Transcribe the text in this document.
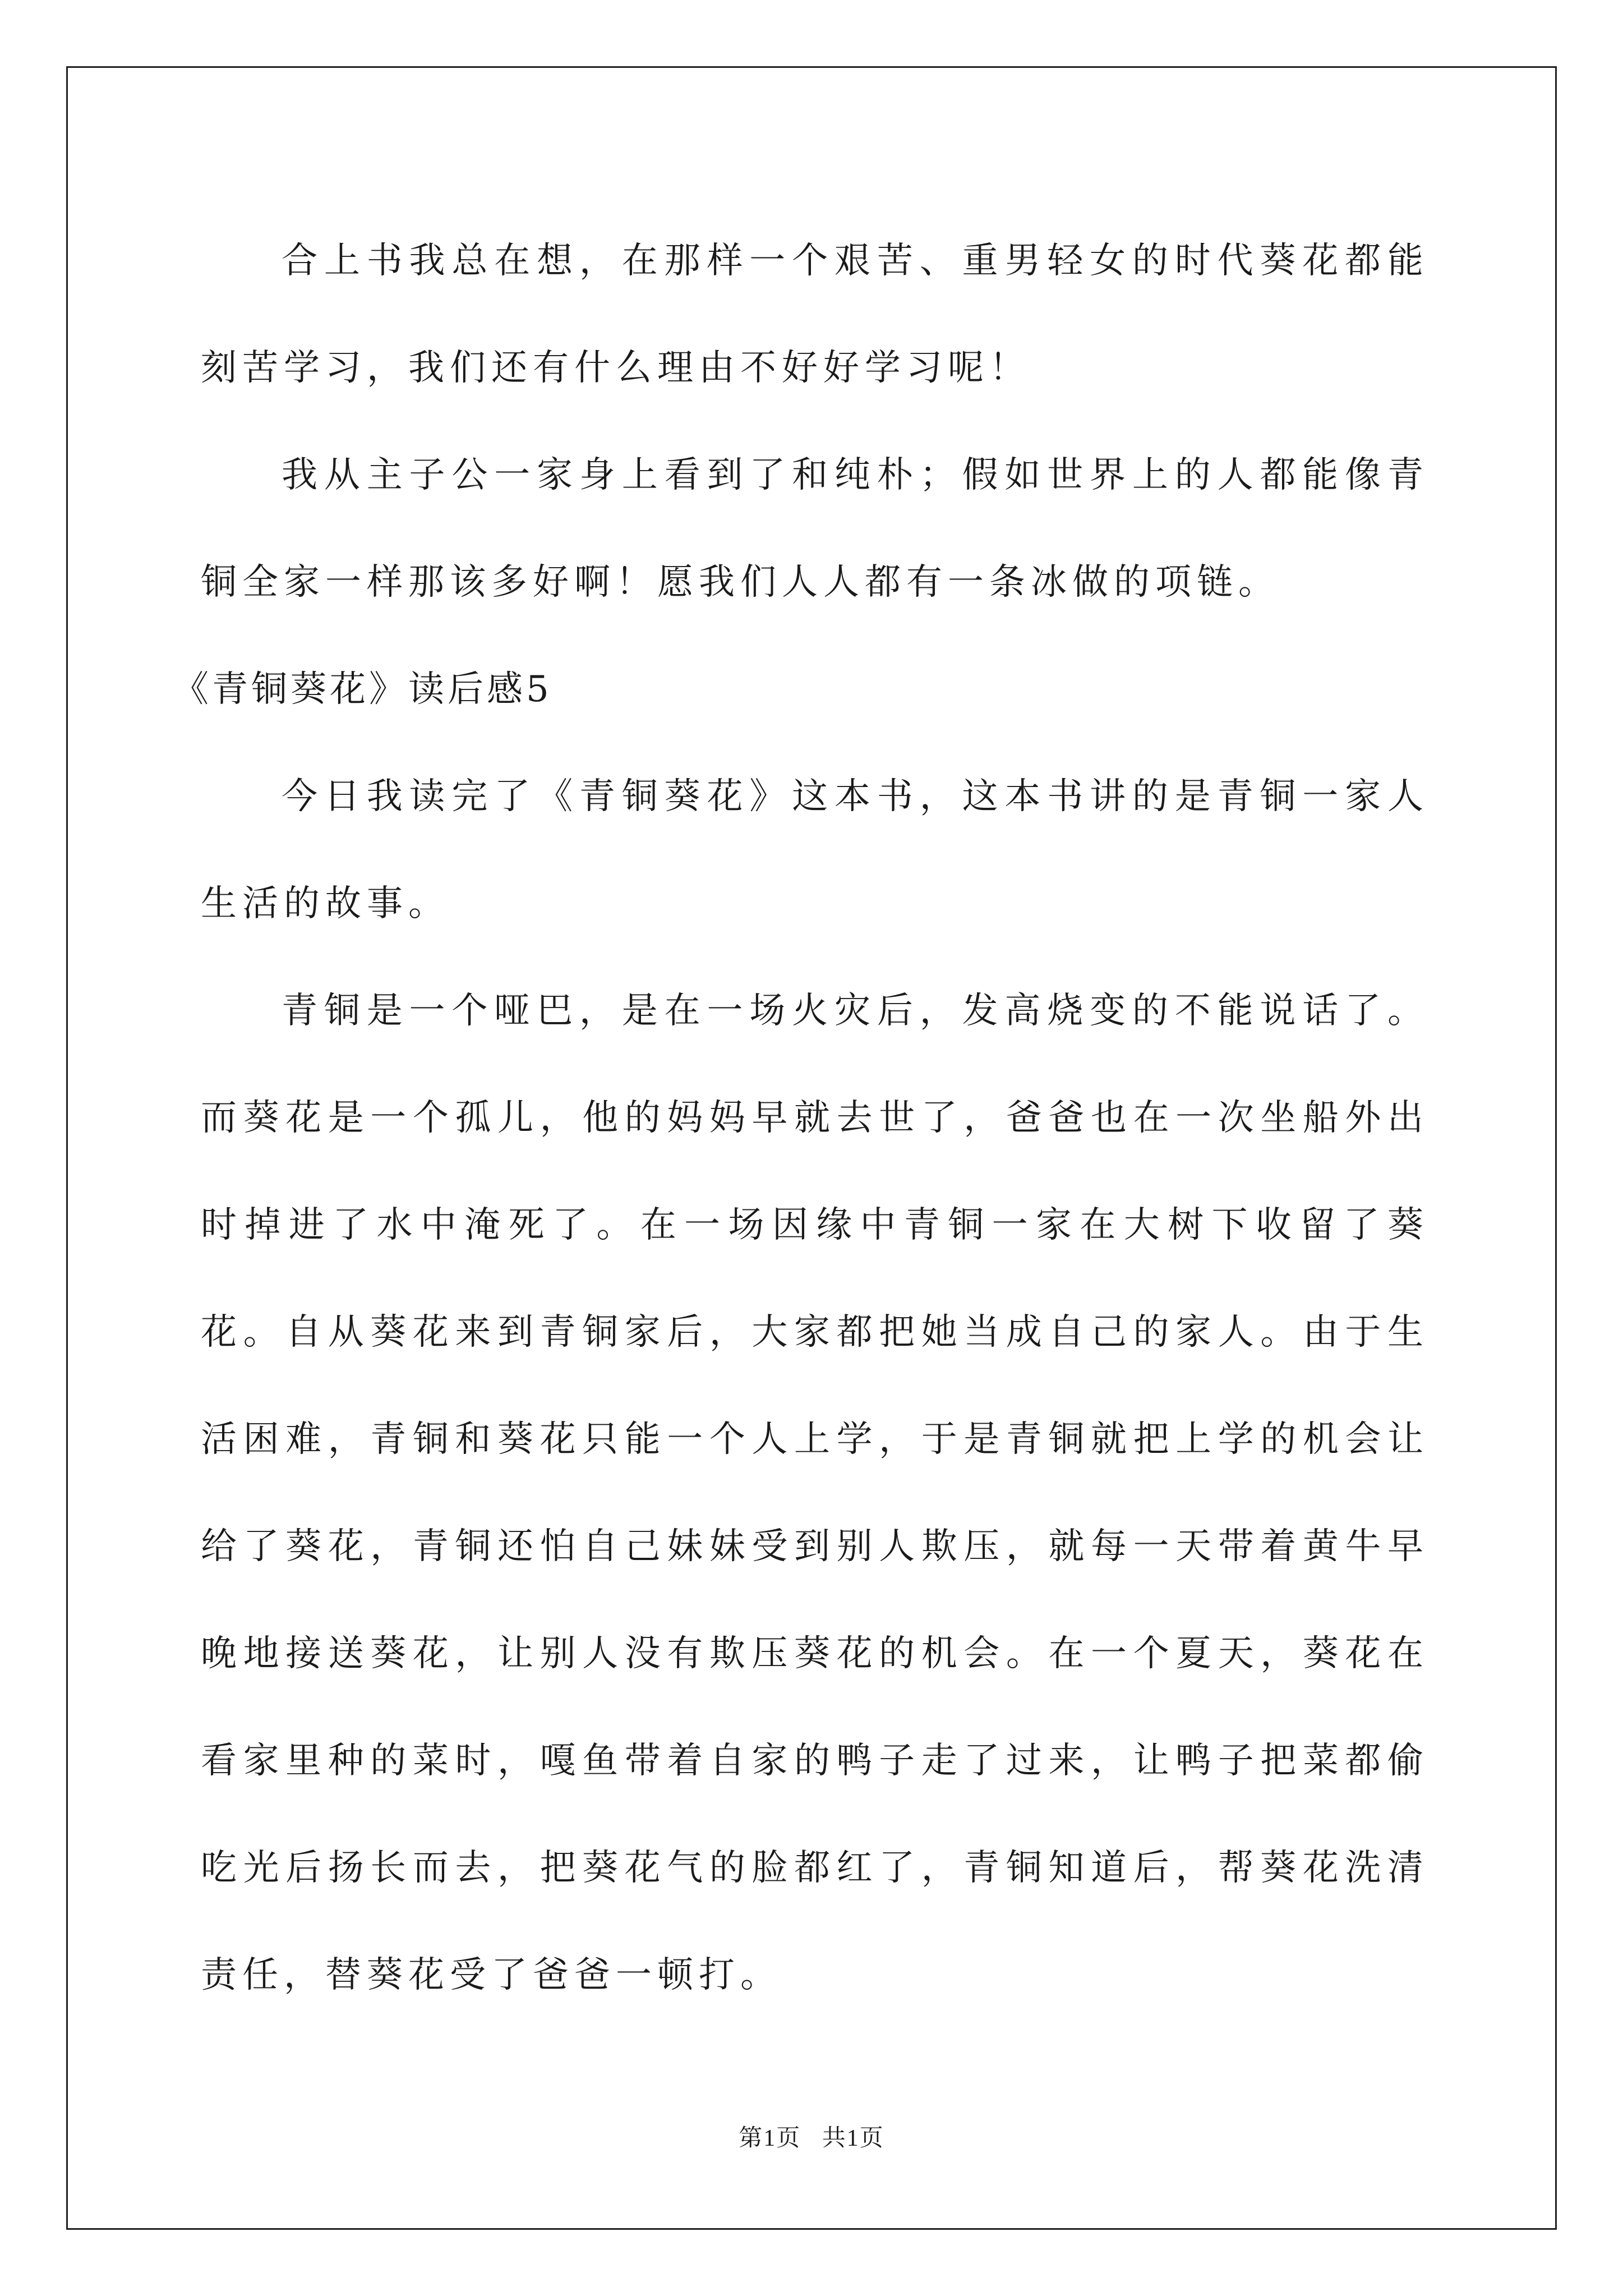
合上书我总在想，在那样一个艰苦、重男轻女的时代葵花都能刻苦学习，我们还有什么理由不好好学习呢！

我从主子公一家身上看到了和纯朴；假如世界上的人都能像青铜全家一样那该多好啊！愿我们人人都有一条冰做的项链。

《青铜葵花》读后感5

今日我读完了《青铜葵花》这本书，这本书讲的是青铜一家人生活的故事。

青铜是一个哑巴，是在一场火灾后，发高烧变的不能说话了。而葵花是一个孤儿，他的妈妈早就去世了，爸爸也在一次坐船外出时掉进了水中淹死了。在一场因缘中青铜一家在大树下收留了葵花。自从葵花来到青铜家后，大家都把她当成自己的家人。由于生活困难，青铜和葵花只能一个人上学，于是青铜就把上学的机会让给了葵花，青铜还怕自己妹妹受到别人欺压，就每一天带着黄牛早晚地接送葵花，让别人没有欺压葵花的机会。在一个夏天，葵花在看家里种的菜时，嘎鱼带着自家的鸭子走了过来，让鸭子把菜都偷吃光后扬长而去，把葵花气的脸都红了，青铜知道后，帮葵花洗清责任，替葵花受了爸爸一顿打。

第1页 共1页
